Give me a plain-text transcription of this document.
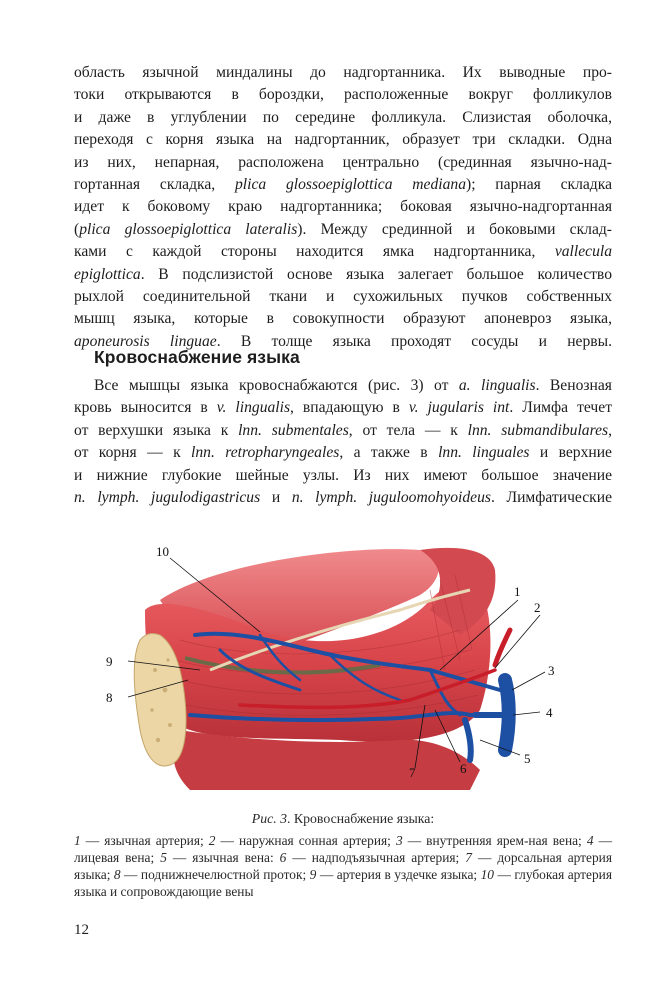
область язычной миндалины до надгортанника. Их выводные про-
токи открываются в бороздки, расположенные вокруг фолликулов
и даже в углублении по середине фолликула. Слизистая оболочка,
переходя с корня языка на надгортанник, образует три складки. Одна
из них, непарная, расположена центрально (срединная язычно-над-
гортанная складка, plica glossoepiglottica mediana); парная складка
идет к боковому краю надгортанника; боковая язычно-надгортанная
(plica glossoepiglottica lateralis). Между срединной и боковыми склад-
ками с каждой стороны находится ямка надгортанника, vallecula
epiglottica. В подслизистой основе языка залегает большое количество
рыхлой соединительной ткани и сухожильных пучков собственных
мышц языка, которые в совокупности образуют апоневроз языка,
aponeurosis linguae. В толще языка проходят сосуды и нервы.
Кровоснабжение языка
Все мышцы языка кровоснабжаются (рис. 3) от a. lingualis. Венозная
кровь выносится в v. lingualis, впадающую в v. jugularis int. Лимфа течет
от верхушки языка к lnn. submentales, от тела — к lnn. submandibulares,
от корня — к lnn. retropharyngeales, а также в lnn. linguales и верхние
и нижние глубокие шейные узлы. Из них имеют большое значение
n. lymph. jugulodigastricus и n. lymph. juguloomohyoideus. Лимфатические
10
9
8
1
2
3
4
5
6
7

Рис. 3. Кровоснабжение языка:

1 — язычная артерия; 2 — наружная сонная артерия; 3 — внутренняя ярем-ная вена; 4 — лицевая вена; 5 — язычная вена: 6 — надподъязычная артерия; 7 — дорсальная артерия языка; 8 — поднижнечелюстной проток; 9 — артерия в уздечке языка; 10 — глубокая артерия языка и сопровождающие вены

12
